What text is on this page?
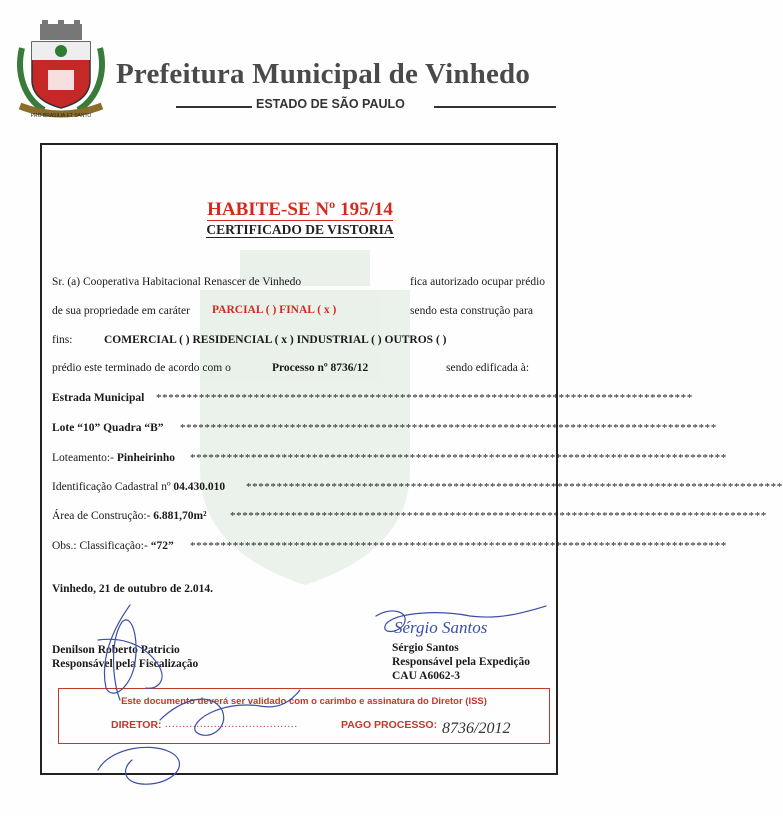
PRO BRASILIA ET SANTO
Prefeitura Municipal de Vinhedo
ESTADO DE SÃO PAULO
HABITE-SE Nº 195/14
CERTIFICADO DE VISTORIA
Sr. (a) Cooperativa Habitacional Renascer de Vinhedo	fica autorizado ocupar prédio
de sua propriedade em caráter PARCIAL ( ) FINAL ( x )	sendo esta construção para
fins:	COMERCIAL ( ) RESIDENCIAL ( x ) INDUSTRIAL ( ) OUTROS ( )
prédio este terminado de acordo com o	Processo nº 8736/12	sendo edificada à:
Estrada Municipal ****************************************************************************************
Lote “10” Quadra “B” ****************************************************************************************
Loteamento:- Pinheirinho ****************************************************************************************
Identificação Cadastral nº 04.430.010 ****************************************************************************************
Área de Construção:- 6.881,70m² ****************************************************************************************
Obs.: Classificação:- “72” ****************************************************************************************
Vinhedo, 21 de outubro de 2.014.
Denilson Roberto Patricio
Responsável pela Fiscalização
Sérgio Santos
Responsável pela Expedição
CAU A6062-3
Este documento deverá ser validado com o carimbo e assinatura do Diretor (ISS)
DIRETOR: ......................................	PAGO PROCESSO:
Sérgio Santos
8736/2012
